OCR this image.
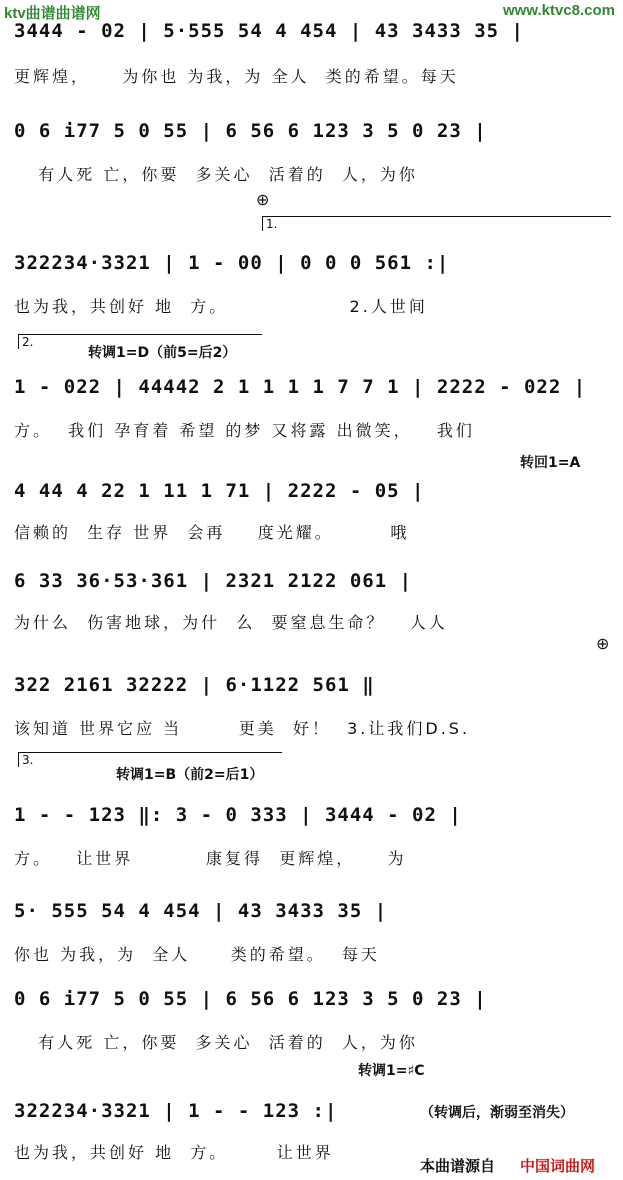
ktv曲谱曲谱网	www.ktvc8.com
3444 - 02 | 5·555 54 4 454 | 43 3433 35 |
更辉煌，    为你也 为我，为 全人  类的希望。每天
0 6 i77 5 0 55 | 6 56 6 123 3 5 0 23 |
有人死 亡，你要  多关心  活着的  人，为你
⊕
1.
322234·3321 | 1 - 00 | 0 0 0 561 :|
也为我，共创好 地  方。               2.人世间
2.
转调1=D（前5=后2）
1 - 022 | 44442 2 1 1 1 1 7 7 1 | 2222 - 022 |
方。  我们 孕育着 希望 的梦 又将露 出微笑，   我们
转回1=A
4 44 4 22 1 11 1 71 | 2222 - 05 |
信赖的  生存 世界  会再    度光耀。       哦
6 33 36·53·361 | 2321 2122 061 |
为什么  伤害地球，为什  么  要窒息生命？   人人
⊕
322 2161 32222 | 6·1122 561 ‖
该知道 世界它应 当       更美  好！  3.让我们D.S.
3.
转调1=B（前2=后1）
1 - - 123 ‖: 3 - 0 333 | 3444 - 02 |
方。   让世界         康复得  更辉煌，    为
5· 555 54 4 454 | 43 3433 35 |
你也 为我，为  全人     类的希望。  每天
0 6 i77 5 0 55 | 6 56 6 123 3 5 0 23 |
有人死 亡，你要  多关心  活着的  人，为你
转调1=♯C
322234·3321 | 1 - - 123 :|
也为我，共创好 地  方。      让世界
（转调后，渐弱至消失）
本曲谱源自 中国词曲网
